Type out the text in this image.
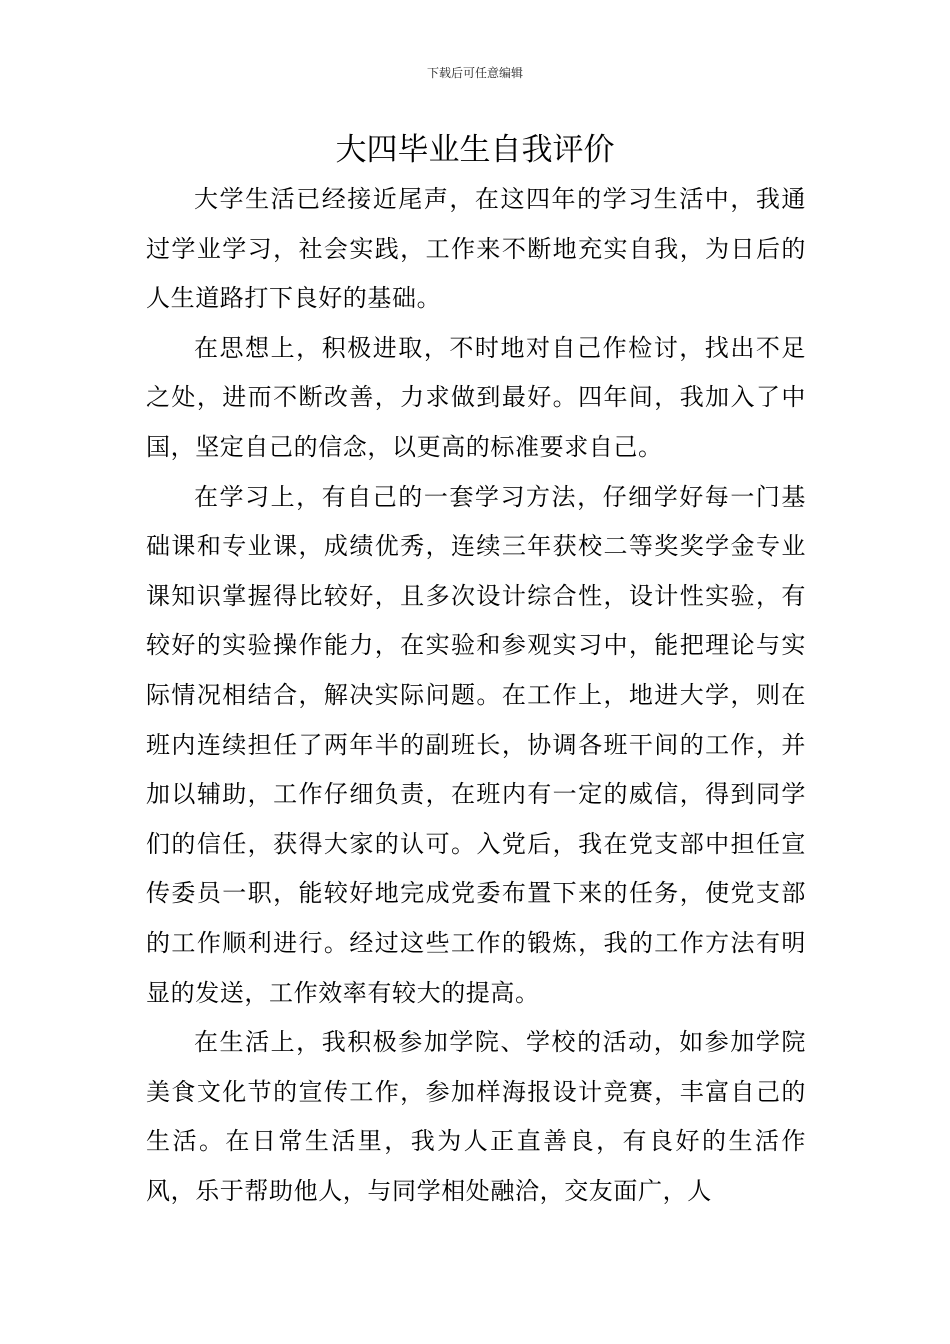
下载后可任意编辑
大四毕业生自我评价

大学生活已经接近尾声，在这四年的学习生活中，我通过学业学习，社会实践，工作来不断地充实自我，为日后的人生道路打下良好的基础。

在思想上，积极进取，不时地对自己作检讨，找出不足之处，进而不断改善，力求做到最好。四年间，我加入了中国，坚定自己的信念，以更高的标准要求自己。

在学习上，有自己的一套学习方法，仔细学好每一门基础课和专业课，成绩优秀，连续三年获校二等奖奖学金专业课知识掌握得比较好，且多次设计综合性，设计性实验，有较好的实验操作能力，在实验和参观实习中，能把理论与实际情况相结合，解决实际问题。在工作上，地进大学，则在班内连续担任了两年半的副班长，协调各班干间的工作，并加以辅助，工作仔细负责，在班内有一定的威信，得到同学们的信任，获得大家的认可。入党后，我在党支部中担任宣传委员一职，能较好地完成党委布置下来的任务，使党支部的工作顺利进行。经过这些工作的锻炼，我的工作方法有明显的发送，工作效率有较大的提高。

在生活上，我积极参加学院、学校的活动，如参加学院美食文化节的宣传工作，参加样海报设计竞赛，丰富自己的生活。在日常生活里，我为人正直善良，有良好的生活作风，乐于帮助他人，与同学相处融洽，交友面广，人
